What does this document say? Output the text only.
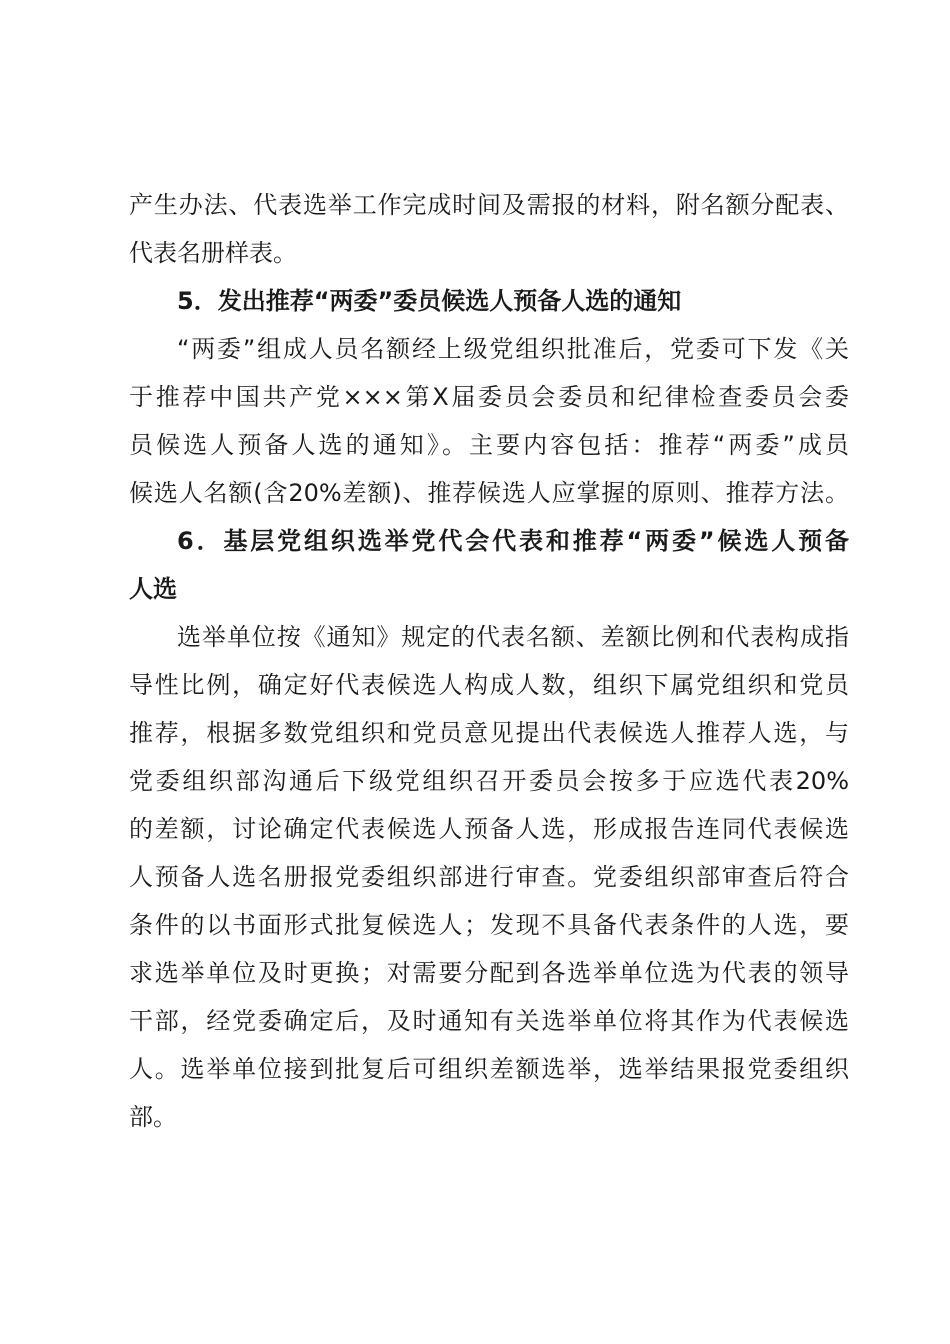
产生办法、代表选举工作完成时间及需报的材料，附名额分配表、
代表名册样表。
5．发出推荐“两委”委员候选人预备人选的通知
“两委”组成人员名额经上级党组织批准后，党委可下发《关
于推荐中国共产党×××第Ⅹ届委员会委员和纪律检查委员会委
员候选人预备人选的通知》。主要内容包括：推荐“两委”成员
候选人名额(含20%差额)、推荐候选人应掌握的原则、推荐方法。
6．基层党组织选举党代会代表和推荐“两委”候选人预备
人选
选举单位按《通知》规定的代表名额、差额比例和代表构成指
导性比例，确定好代表候选人构成人数，组织下属党组织和党员
推荐，根据多数党组织和党员意见提出代表候选人推荐人选，与
党委组织部沟通后下级党组织召开委员会按多于应选代表20%
的差额，讨论确定代表候选人预备人选，形成报告连同代表候选
人预备人选名册报党委组织部进行审查。党委组织部审查后符合
条件的以书面形式批复候选人；发现不具备代表条件的人选，要
求选举单位及时更换；对需要分配到各选举单位选为代表的领导
干部，经党委确定后，及时通知有关选举单位将其作为代表候选
人。选举单位接到批复后可组织差额选举，选举结果报党委组织
部。
